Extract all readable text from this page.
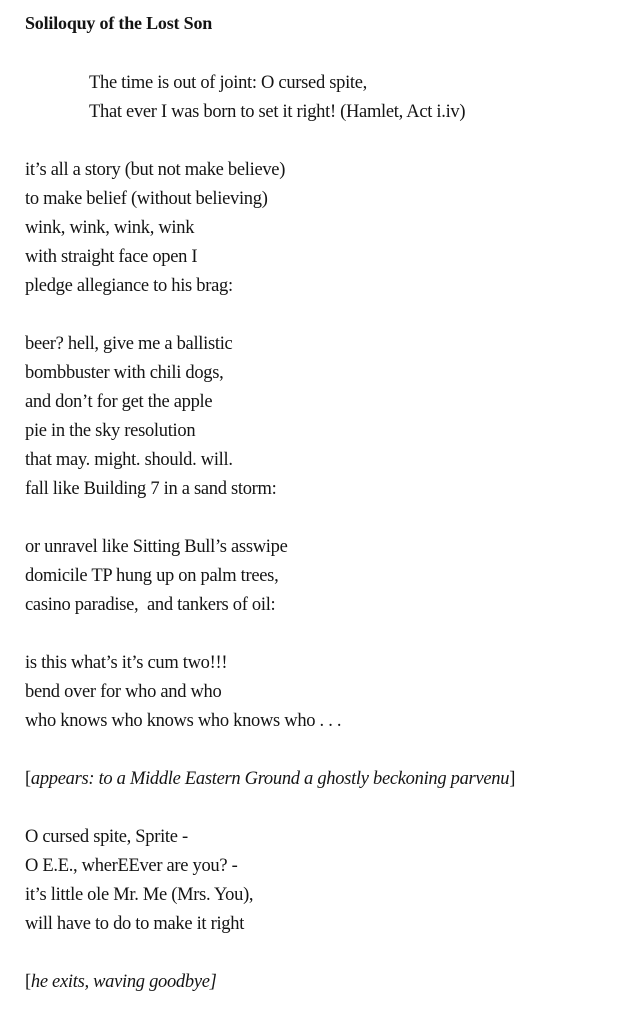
Soliloquy of the Lost Son
The time is out of joint: O cursed spite,
That ever I was born to set it right! (Hamlet, Act i.iv)
it’s all a story (but not make believe)
to make belief (without believing)
wink, wink, wink, wink
with straight face open I
pledge allegiance to his brag:
beer? hell, give me a ballistic
bombbuster with chili dogs,
and don’t for get the apple
pie in the sky resolution
that may. might. should. will.
fall like Building 7 in a sand storm:
or unravel like Sitting Bull’s asswipe
domicile TP hung up on palm trees,
casino paradise,  and tankers of oil:
is this what’s it’s cum two!!!
bend over for who and who
who knows who knows who knows who . . .
[appears: to a Middle Eastern Ground a ghostly beckoning parvenu]
O cursed spite, Sprite -
O E.E., wherEEver are you? -
it’s little ole Mr. Me (Mrs. You),
will have to do to make it right
[he exits, waving goodbye]
